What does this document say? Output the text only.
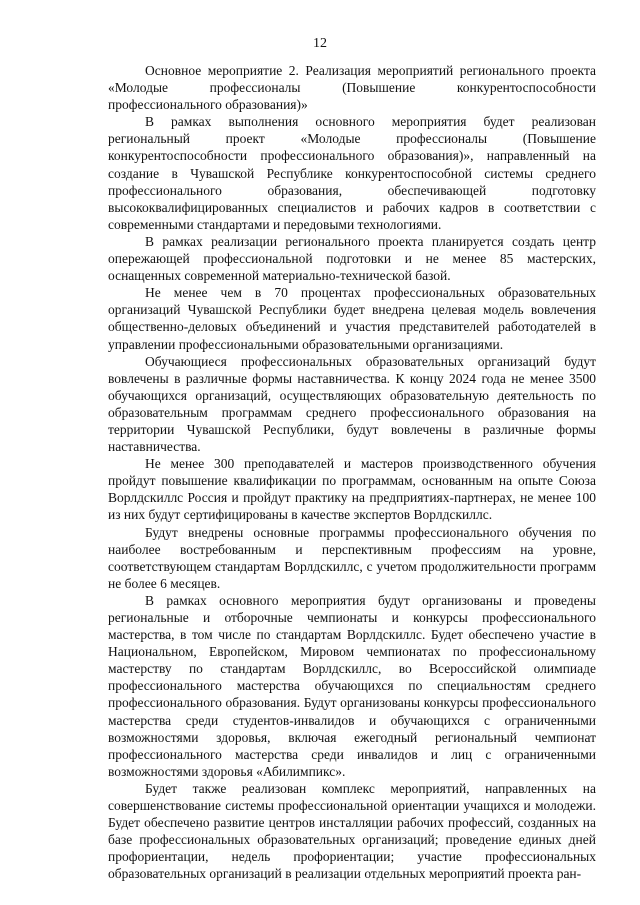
12

Основное мероприятие 2. Реализация мероприятий регионального проекта «Молодые профессионалы (Повышение конкурентоспособности профессионального образования)»

В рамках выполнения основного мероприятия будет реализован региональный проект «Молодые профессионалы (Повышение конкурентоспособности профессионального образования)», направленный на создание в Чувашской Республике конкурентоспособной системы среднего профессионального образования, обеспечивающей подготовку высококвалифицированных специалистов и рабочих кадров в соответствии с современными стандартами и передовыми технологиями.

В рамках реализации регионального проекта планируется создать центр опережающей профессиональной подготовки и не менее 85 мастерских, оснащенных современной материально-технической базой.

Не менее чем в 70 процентах профессиональных образовательных организаций Чувашской Республики будет внедрена целевая модель вовлечения общественно-деловых объединений и участия представителей работодателей в управлении профессиональными образовательными организациями.

Обучающиеся профессиональных образовательных организаций будут вовлечены в различные формы наставничества. К концу 2024 года не менее 3500 обучающихся организаций, осуществляющих образовательную деятельность по образовательным программам среднего профессионального образования на территории Чувашской Республики, будут вовлечены в различные формы наставничества.

Не менее 300 преподавателей и мастеров производственного обучения пройдут повышение квалификации по программам, основанным на опыте Союза Ворлдскиллс Россия и пройдут практику на предприятиях-партнерах, не менее 100 из них будут сертифицированы в качестве экспертов Ворлдскиллс.

Будут внедрены основные программы профессионального обучения по наиболее востребованным и перспективным профессиям на уровне, соответствующем стандартам Ворлдскиллс, с учетом продолжительности программ не более 6 месяцев.

В рамках основного мероприятия будут организованы и проведены региональные и отборочные чемпионаты и конкурсы профессионального мастерства, в том числе по стандартам Ворлдскиллс. Будет обеспечено участие в Национальном, Европейском, Мировом чемпионатах по профессиональному мастерству по стандартам Ворлдскиллс, во Всероссийской олимпиаде профессионального мастерства обучающихся по специальностям среднего профессионального образования. Будут организованы конкурсы профессионального мастерства среди студентов-инвалидов и обучающихся с ограниченными возможностями здоровья, включая ежегодный региональный чемпионат профессионального мастерства среди инвалидов и лиц с ограниченными возможностями здоровья «Абилимпикс».

Будет также реализован комплекс мероприятий, направленных на совершенствование системы профессиональной ориентации учащихся и молодежи. Будет обеспечено развитие центров инсталляции рабочих профессий, созданных на базе профессиональных образовательных организаций; проведение единых дней профориентации, недель профориентации; участие профессиональных образовательных организаций в реализации отдельных мероприятий проекта ран-
